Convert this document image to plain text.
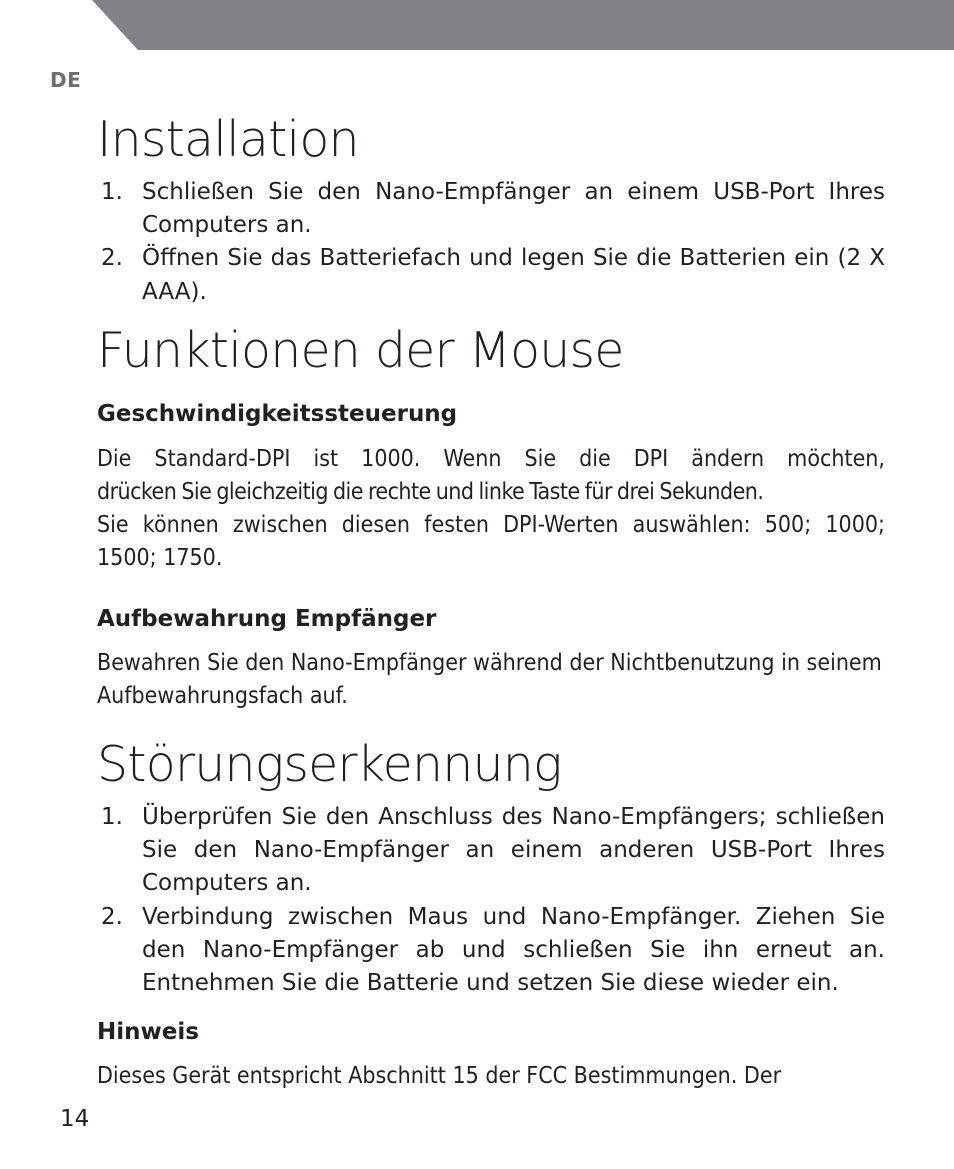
DE
Installation
1. Schließen Sie den Nano-Empfänger an einem USB-Port Ihres Computers an.
2. Öffnen Sie das Batteriefach und legen Sie die Batterien ein (2 X AAA).
Funktionen der Mouse
Geschwindigkeitssteuerung

Die Standard-DPI ist 1000. Wenn Sie die DPI ändern möchten,

drücken Sie gleichzeitig die rechte und linke Taste für drei Sekunden.

Sie können zwischen diesen festen DPI-Werten auswählen: 500; 1000; 1500; 1750.

Aufbewahrung Empfänger

Bewahren Sie den Nano-Empfänger während der Nichtbenutzung in seinem Aufbewahrungsfach auf.

Störungserkennung
1. Überprüfen Sie den Anschluss des Nano-Empfängers; schließen Sie den Nano-Empfänger an einem anderen USB-Port Ihres Computers an.
2. Verbindung zwischen Maus und Nano-Empfänger. Ziehen Sie den Nano-Empfänger ab und schließen Sie ihn erneut an. Entnehmen Sie die Batterie und setzen Sie diese wieder ein.
Hinweis

Dieses Gerät entspricht Abschnitt 15 der FCC Bestimmungen. Der

14
